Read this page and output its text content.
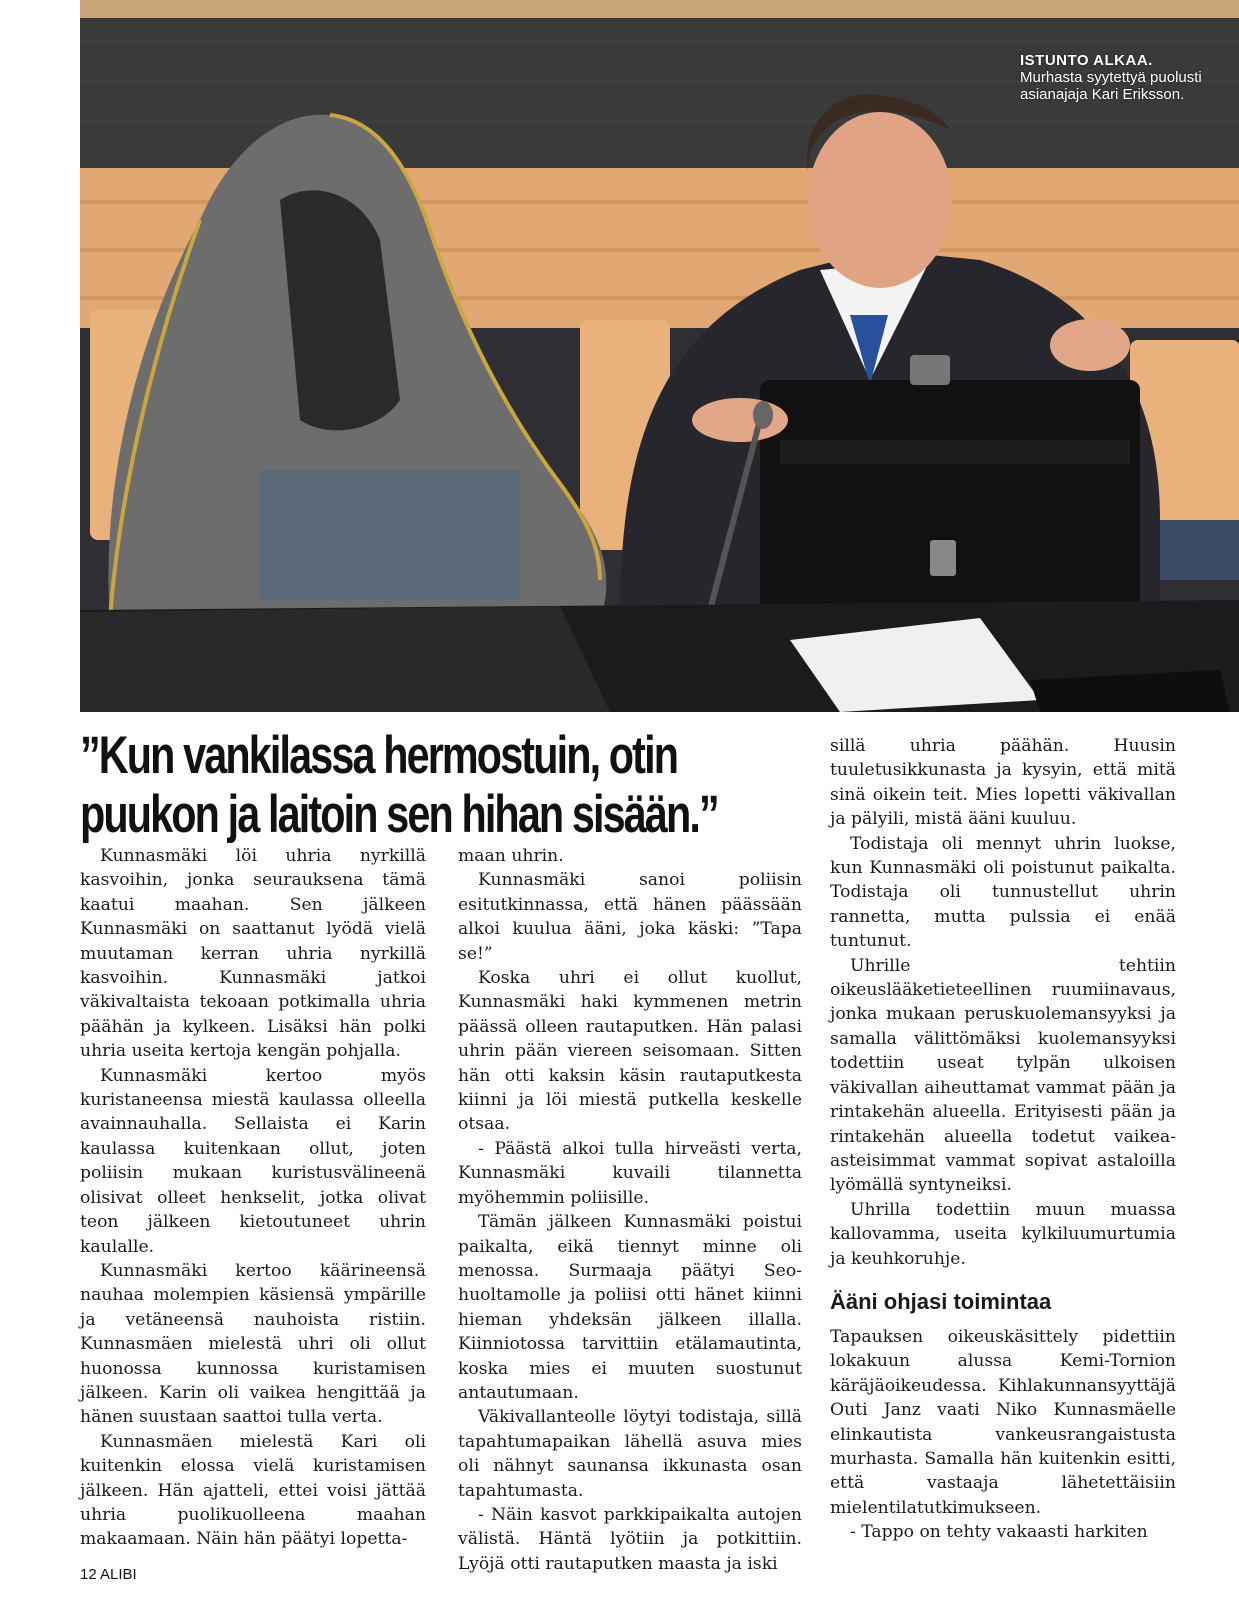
ISTUNTO ALKAA.
Murhasta syytettyä puolusti asianajaja Kari Eriksson.
”Kun vankilassa hermostuin, otin
puukon ja laitoin sen hihan sisään.”

Kunnasmäki löi uhria nyrkillä kasvoihin, jonka seurauksena tämä kaatui maahan. Sen jälkeen Kunnasmäki on saattanut lyödä vielä muutaman kerran uhria nyrkillä kasvoihin. Kunnasmäki jatkoi väkivaltaista tekoaan potkimalla uhria päähän ja kylkeen. Lisäksi hän polki uhria useita kertoja kengän pohjalla.

Kunnasmäki kertoo myös kuristaneensa miestä kaulassa olleella avainnauhalla. Sellaista ei Karin kaulassa kuitenkaan ollut, joten poliisin mukaan kuristusvälineenä olisivat olleet henkselit, jotka olivat teon jälkeen kietoutuneet uhrin kaulalle.

Kunnasmäki kertoo käärineensä nauhaa molempien käsiensä ympärille ja vetäneensä nauhoista ristiin. Kunnasmäen mielestä uhri oli ollut huonossa kunnossa kuristamisen jälkeen. Karin oli vaikea hengittää ja hänen suustaan saattoi tulla verta.

Kunnasmäen mielestä Kari oli kuitenkin elossa vielä kuristamisen jälkeen. Hän ajatteli, ettei voisi jättää uhria puolikuolleena maahan makaamaan. Näin hän päätyi lopetta-

maan uhrin.

Kunnasmäki sanoi poliisin esitutkinnassa, että hänen päässään alkoi kuulua ääni, joka käski: ”Tapa se!”

Koska uhri ei ollut kuollut, Kunnasmäki haki kymmenen metrin päässä olleen rautaputken. Hän palasi uhrin pään viereen seisomaan. Sitten hän otti kaksin käsin rautaputkesta kiinni ja löi miestä putkella keskelle otsaa.

- Päästä alkoi tulla hirveästi verta, Kunnasmäki kuvaili tilannetta myöhemmin poliisille.

Tämän jälkeen Kunnasmäki poistui paikalta, eikä tiennyt minne oli menossa. Surmaaja päätyi Seo-huoltamolle ja poliisi otti hänet kiinni hieman yhdeksän jälkeen illalla. Kiinniotossa tarvittiin etälamautinta, koska mies ei muuten suostunut antautumaan.

Väkivallanteolle löytyi todistaja, sillä tapahtumapaikan lähellä asuva mies oli nähnyt saunansa ikkunasta osan tapahtumasta.

- Näin kasvot parkkipaikalta autojen välistä. Häntä lyötiin ja potkittiin. Lyöjä otti rautaputken maasta ja iski

sillä uhria päähän. Huusin tuuletusikkunasta ja kysyin, että mitä sinä oikein teit. Mies lopetti väkivallan ja pälyili, mistä ääni kuuluu.

Todistaja oli mennyt uhrin luokse, kun Kunnasmäki oli poistunut paikalta. Todistaja oli tunnustellut uhrin rannetta, mutta pulssia ei enää tuntunut.

Uhrille tehtiin oikeuslääketieteellinen ruumiinavaus, jonka mukaan peruskuolemansyyksi ja samalla välittömäksi kuolemansyyksi todettiin useat tylpän ulkoisen väkivallan aiheuttamat vammat pään ja rintakehän alueella. Erityisesti pään ja rintakehän alueella todetut vaikea-asteisimmat vammat sopivat astaloilla lyömällä syntyneiksi.

Uhrilla todettiin muun muassa kallovamma, useita kylkiluumurtumia ja keuhkoruhje.

Ääni ohjasi toimintaa

Tapauksen oikeuskäsittely pidettiin lokakuun alussa Kemi-Tornion käräjäoikeudessa. Kihlakunnansyyttäjä Outi Janz vaati Niko Kunnasmäelle elinkautista vankeusrangaistusta murhasta. Samalla hän kuitenkin esitti, että vastaaja lähetettäisiin mielentilatutkimukseen.

- Tappo on tehty vakaasti harkiten

12 ALIBI
